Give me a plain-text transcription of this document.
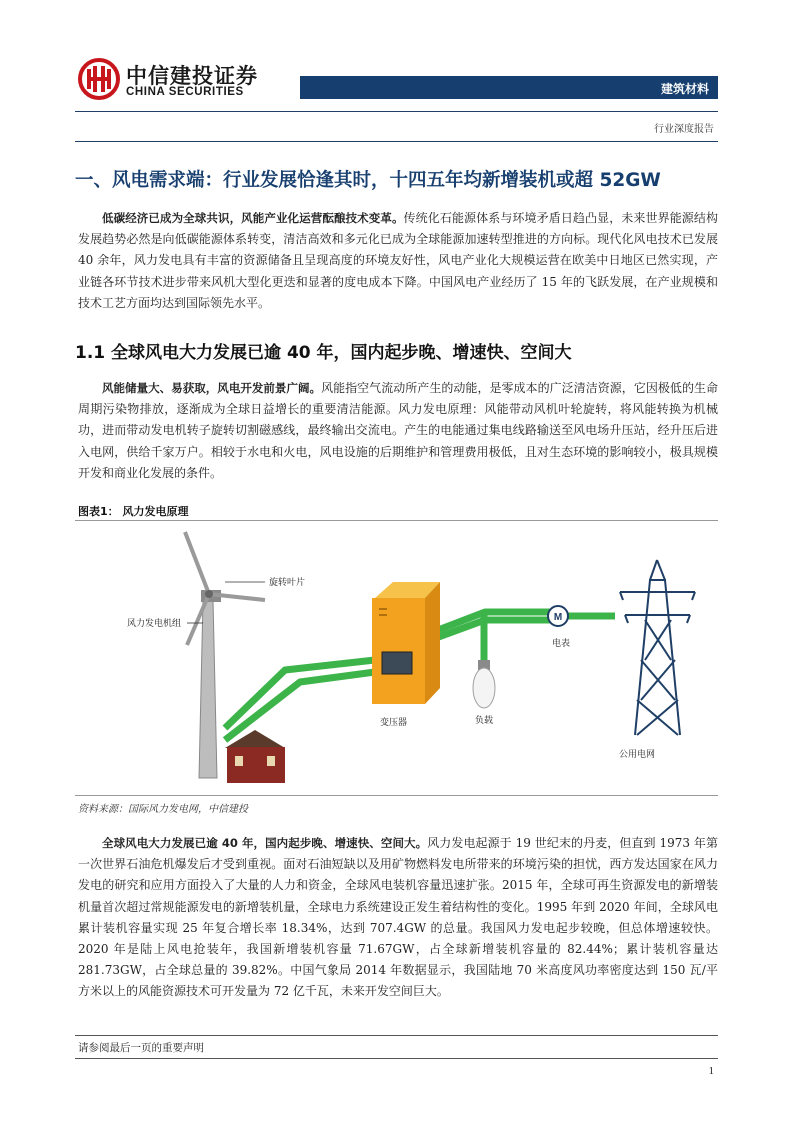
中信建投证券
CHINA SECURITIES	建筑材料
行业深度报告
一、风电需求端：行业发展恰逢其时，十四五年均新增装机或超 52GW
低碳经济已成为全球共识，风能产业化运营酝酿技术变革。传统化石能源体系与环境矛盾日趋凸显，未来世界能源结构发展趋势必然是向低碳能源体系转变，清洁高效和多元化已成为全球能源加速转型推进的方向标。现代化风电技术已发展 40 余年，风力发电具有丰富的资源储备且呈现高度的环境友好性，风电产业化大规模运营在欧美中日地区已然实现，产业链各环节技术进步带来风机大型化更迭和显著的度电成本下降。中国风电产业经历了 15 年的飞跃发展，在产业规模和技术工艺方面均达到国际领先水平。
1.1 全球风电大力发展已逾 40 年，国内起步晚、增速快、空间大
风能储量大、易获取，风电开发前景广阔。风能指空气流动所产生的动能，是零成本的广泛清洁资源，它因极低的生命周期污染物排放，逐渐成为全球日益增长的重要清洁能源。风力发电原理：风能带动风机叶轮旋转，将风能转换为机械功，进而带动发电机转子旋转切割磁感线，最终输出交流电。产生的电能通过集电线路输送至风电场升压站，经升压后进入电网，供给千家万户。相较于水电和火电，风电设施的后期维护和管理费用极低，且对生态环境的影响较小，极具规模开发和商业化发展的条件。
图表1： 风力发电原理
M
旋转叶片
风力发电机组
变压器	负载
电表
公用电网
资料来源：国际风力发电网，中信建投
全球风电大力发展已逾 40 年，国内起步晚、增速快、空间大。风力发电起源于 19 世纪末的丹麦，但直到 1973 年第一次世界石油危机爆发后才受到重视。面对石油短缺以及用矿物燃料发电所带来的环境污染的担忧，西方发达国家在风力发电的研究和应用方面投入了大量的人力和资金，全球风电装机容量迅速扩张。2015 年，全球可再生资源发电的新增装机量首次超过常规能源发电的新增装机量，全球电力系统建设正发生着结构性的变化。1995 年到 2020 年间，全球风电累计装机容量实现 25 年复合增长率 18.34%，达到 707.4GW 的总量。我国风力发电起步较晚，但总体增速较快。2020 年是陆上风电抢装年，我国新增装机容量 71.67GW，占全球新增装机容量的 82.44%；累计装机容量达 281.73GW，占全球总量的 39.82%。中国气象局 2014 年数据显示，我国陆地 70 米高度风功率密度达到 150 瓦/平方米以上的风能资源技术可开发量为 72 亿千瓦，未来开发空间巨大。
请参阅最后一页的重要声明
1
